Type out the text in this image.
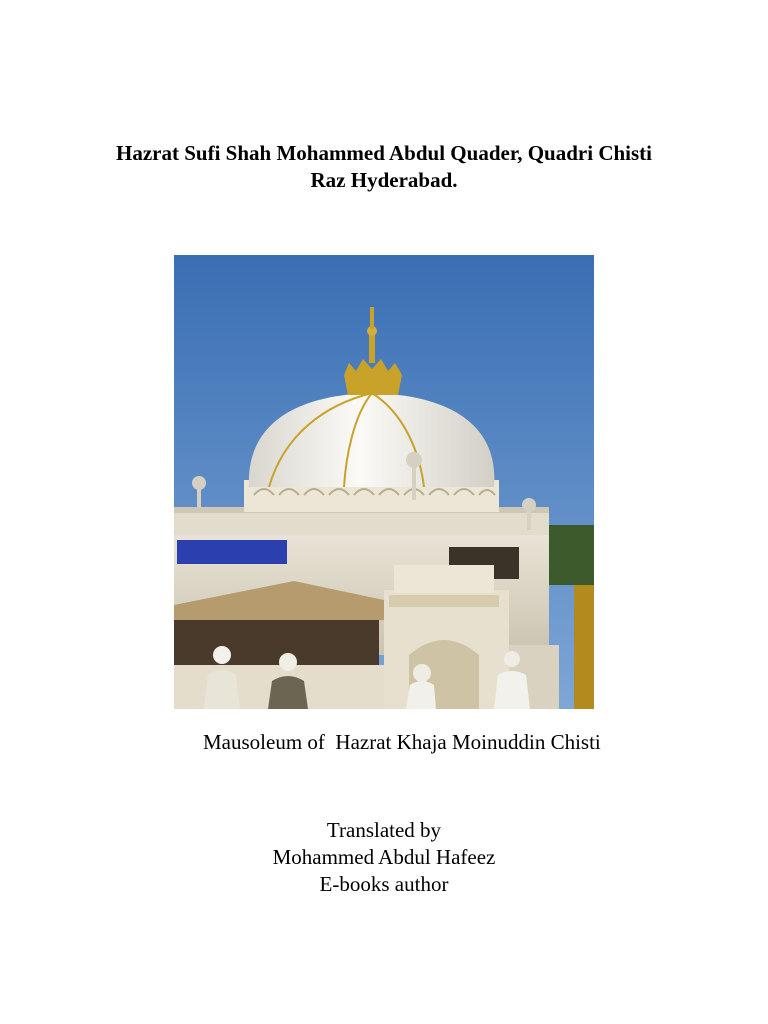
Hazrat Sufi Shah Mohammed Abdul Quader, Quadri Chisti
Raz Hyderabad.
Mausoleum of  Hazrat Khaja Moinuddin Chisti
Translated by
Mohammed Abdul Hafeez
E-books author
